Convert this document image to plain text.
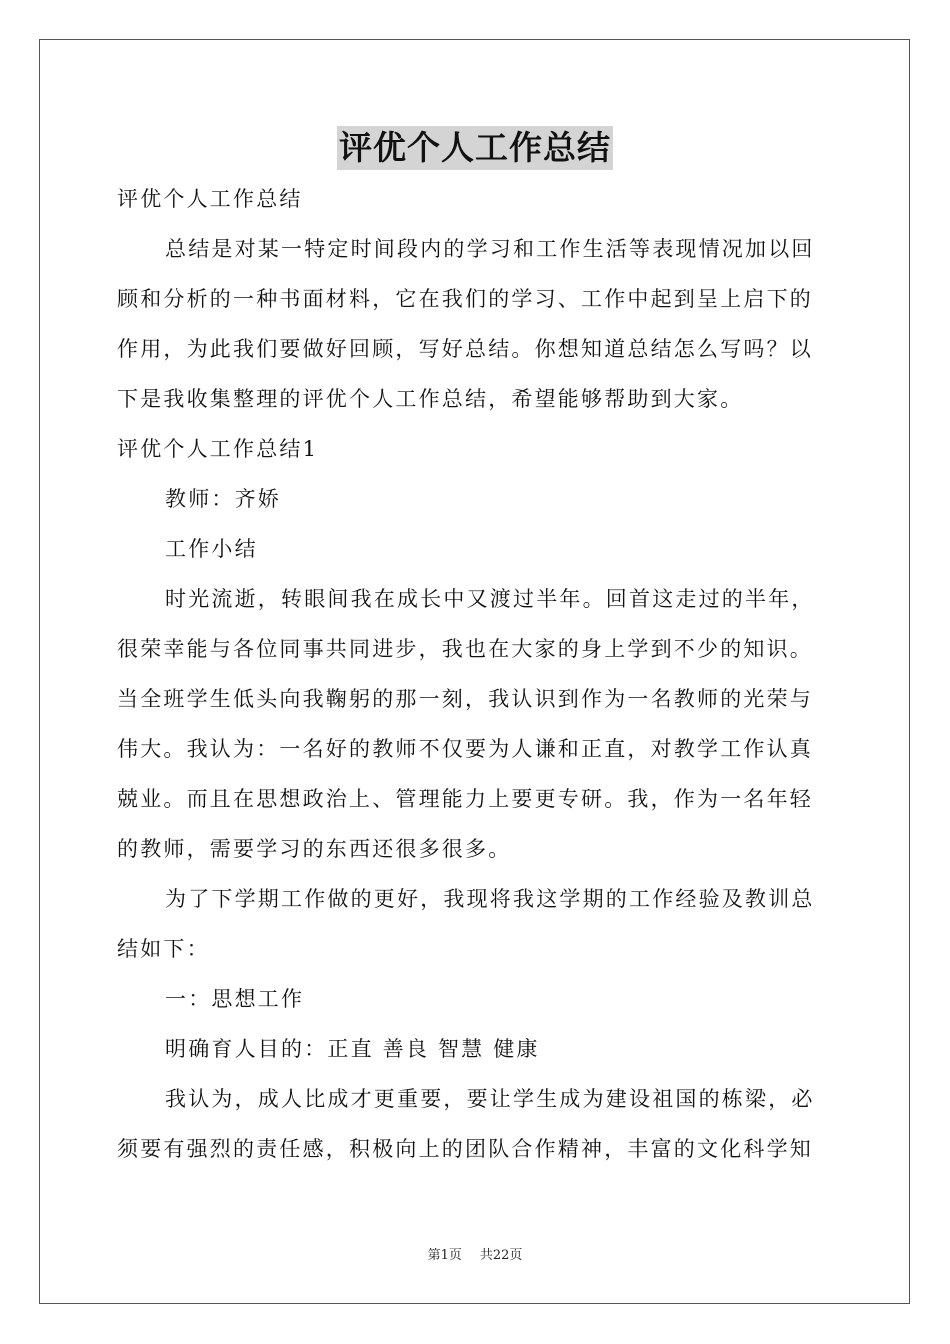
评优个人工作总结

评优个人工作总结

总结是对某一特定时间段内的学习和工作生活等表现情况加以回顾和分析的一种书面材料，它在我们的学习、工作中起到呈上启下的作用，为此我们要做好回顾，写好总结。你想知道总结怎么写吗？以下是我收集整理的评优个人工作总结，希望能够帮助到大家。

评优个人工作总结1

教师：齐娇

工作小结

时光流逝，转眼间我在成长中又渡过半年。回首这走过的半年，很荣幸能与各位同事共同进步，我也在大家的身上学到不少的知识。当全班学生低头向我鞠躬的那一刻，我认识到作为一名教师的光荣与伟大。我认为：一名好的教师不仅要为人谦和正直，对教学工作认真兢业。而且在思想政治上、管理能力上要更专研。我，作为一名年轻的教师，需要学习的东西还很多很多。

为了下学期工作做的更好，我现将我这学期的工作经验及教训总结如下：

一：思想工作

明确育人目的：正直 善良 智慧 健康

我认为，成人比成才更重要，要让学生成为建设祖国的栋梁，必须要有强烈的责任感，积极向上的团队合作精神，丰富的文化科学知

第1页 共22页
